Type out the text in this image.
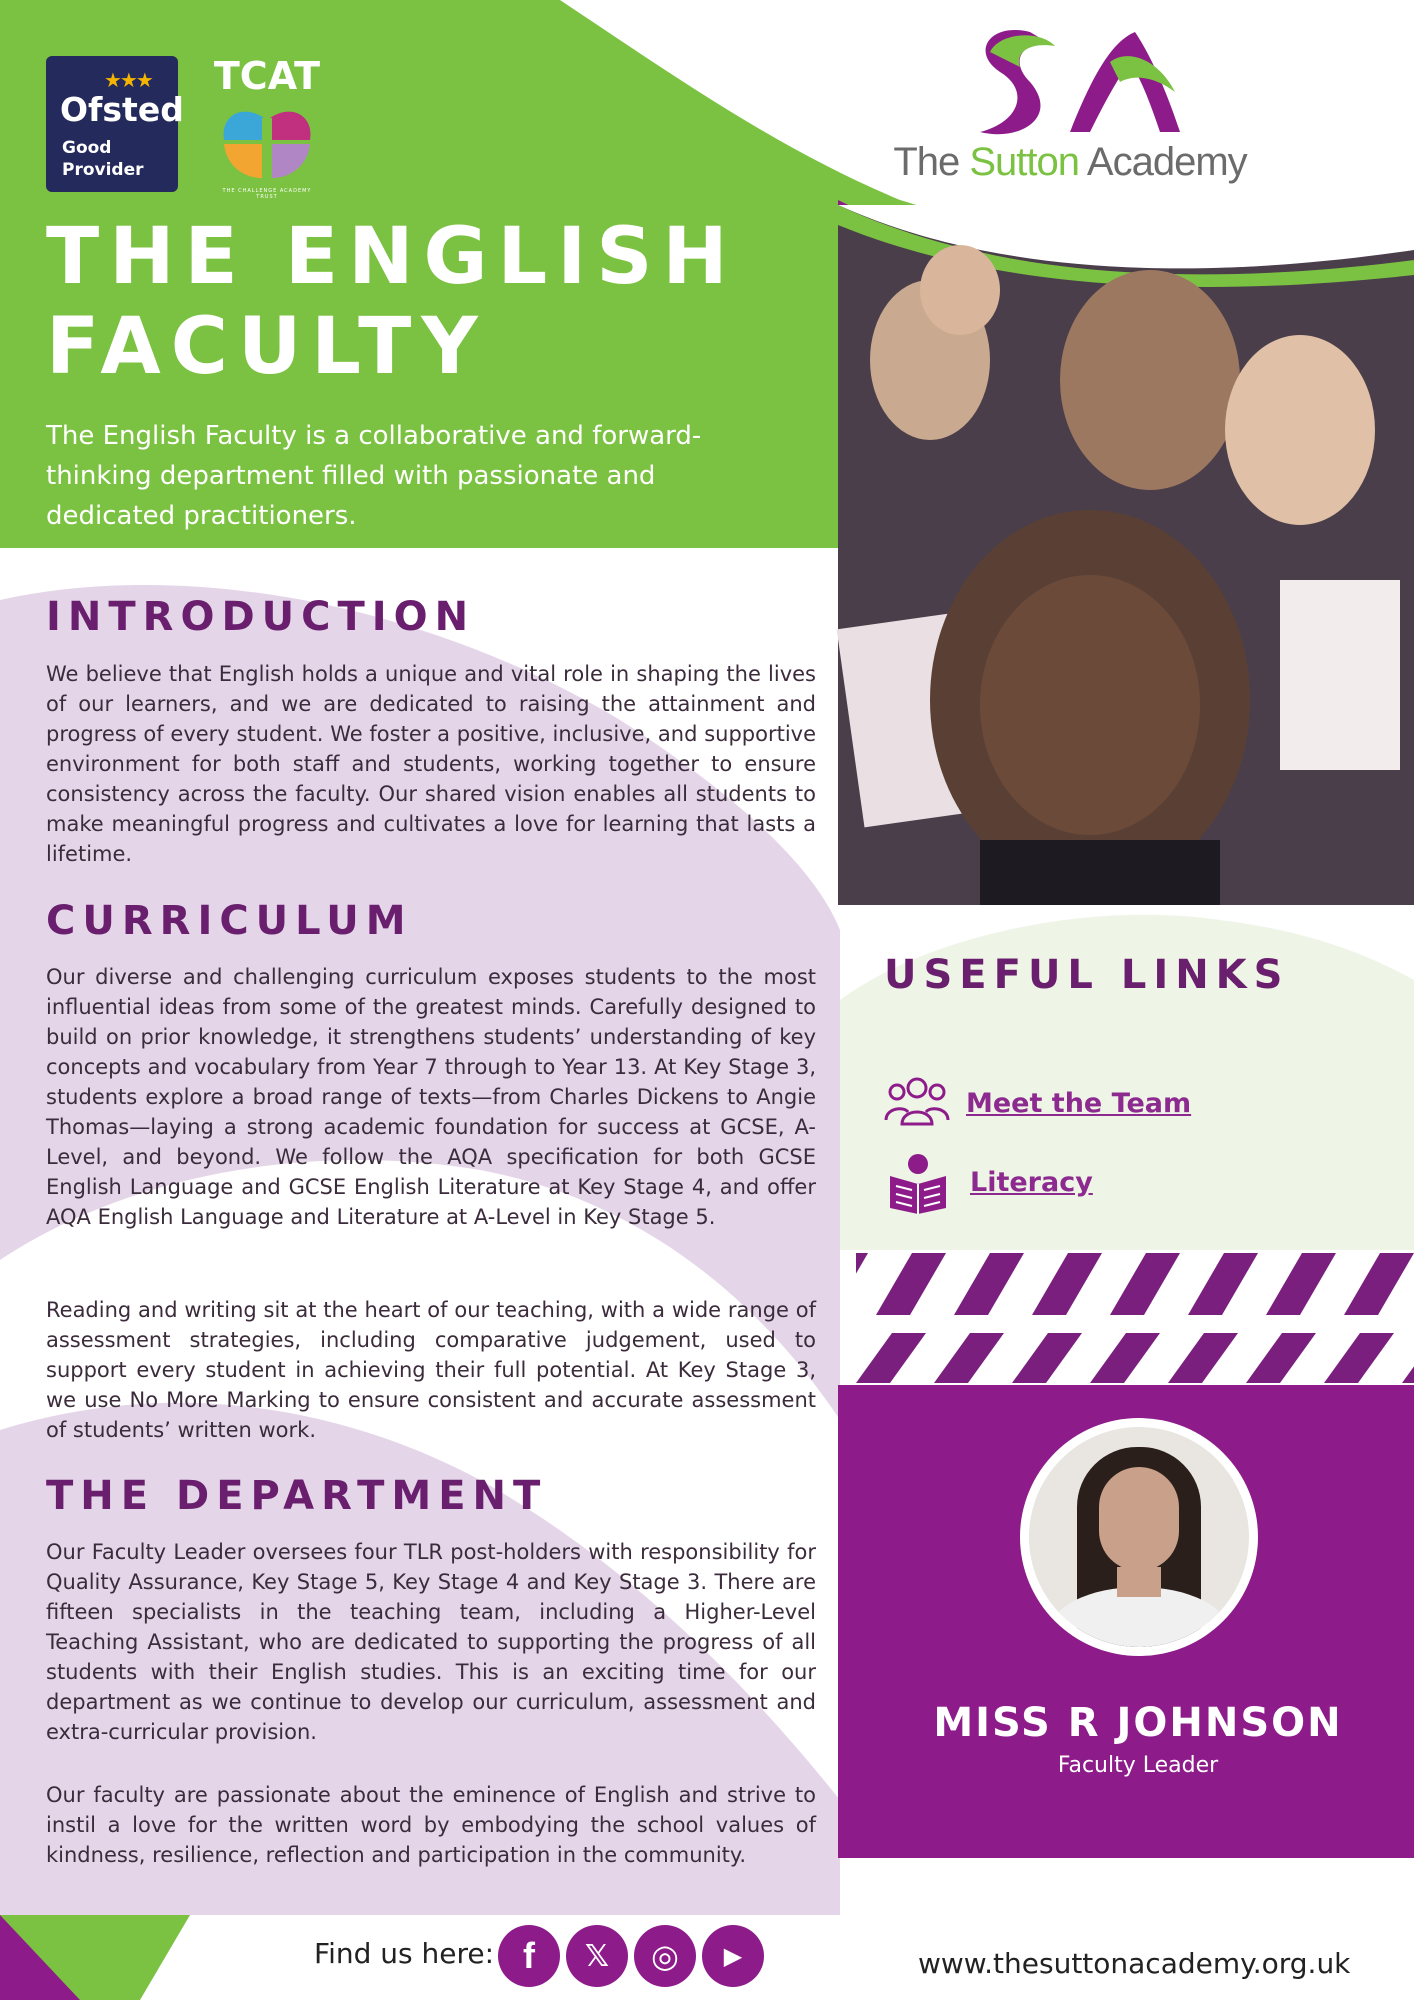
★★★
Ofsted
Good
Provider
TCAT
THE CHALLENGE ACADEMY TRUST
The Sutton Academy
THE ENGLISH
FACULTY

The English Faculty is a collaborative and forward-thinking department filled with passionate and dedicated practitioners.

INTRODUCTION

We believe that English holds a unique and vital role in shaping the lives of our learners, and we are dedicated to raising the attainment and progress of every student. We foster a positive, inclusive, and supportive environment for both staff and students, working together to ensure consistency across the faculty. Our shared vision enables all students to make meaningful progress and cultivates a love for learning that lasts a lifetime.

CURRICULUM

Our diverse and challenging curriculum exposes students to the most influential ideas from some of the greatest minds. Carefully designed to build on prior knowledge, it strengthens students’ understanding of key concepts and vocabulary from Year 7 through to Year 13. At Key Stage 3, students explore a broad range of texts—from Charles Dickens to Angie Thomas—laying a strong academic foundation for success at GCSE, A-Level, and beyond. We follow the AQA specification for both GCSE English Language and GCSE English Literature at Key Stage 4, and offer AQA English Language and Literature at A-Level in Key Stage 5.

Reading and writing sit at the heart of our teaching, with a wide range of assessment strategies, including comparative judgement, used to support every student in achieving their full potential. At Key Stage 3, we use No More Marking to ensure consistent and accurate assessment of students’ written work.

THE DEPARTMENT

Our Faculty Leader oversees four TLR post-holders with responsibility for Quality Assurance, Key Stage 5, Key Stage 4 and Key Stage 3. There are fifteen specialists in the teaching team, including a Higher-Level Teaching Assistant, who are dedicated to supporting the progress of all students with their English studies. This is an exciting time for our department as we continue to develop our curriculum, assessment and extra-curricular provision.

Our faculty are passionate about the eminence of English and strive to instil a love for the written word by embodying the school values of kindness, resilience, reflection and participation in the community.

USEFUL LINKS
Meet the Team
Literacy
MISS R JOHNSON
Faculty Leader
Find us here: f 𝕏 ◎ ▶	www.thesuttonacademy.org.uk
